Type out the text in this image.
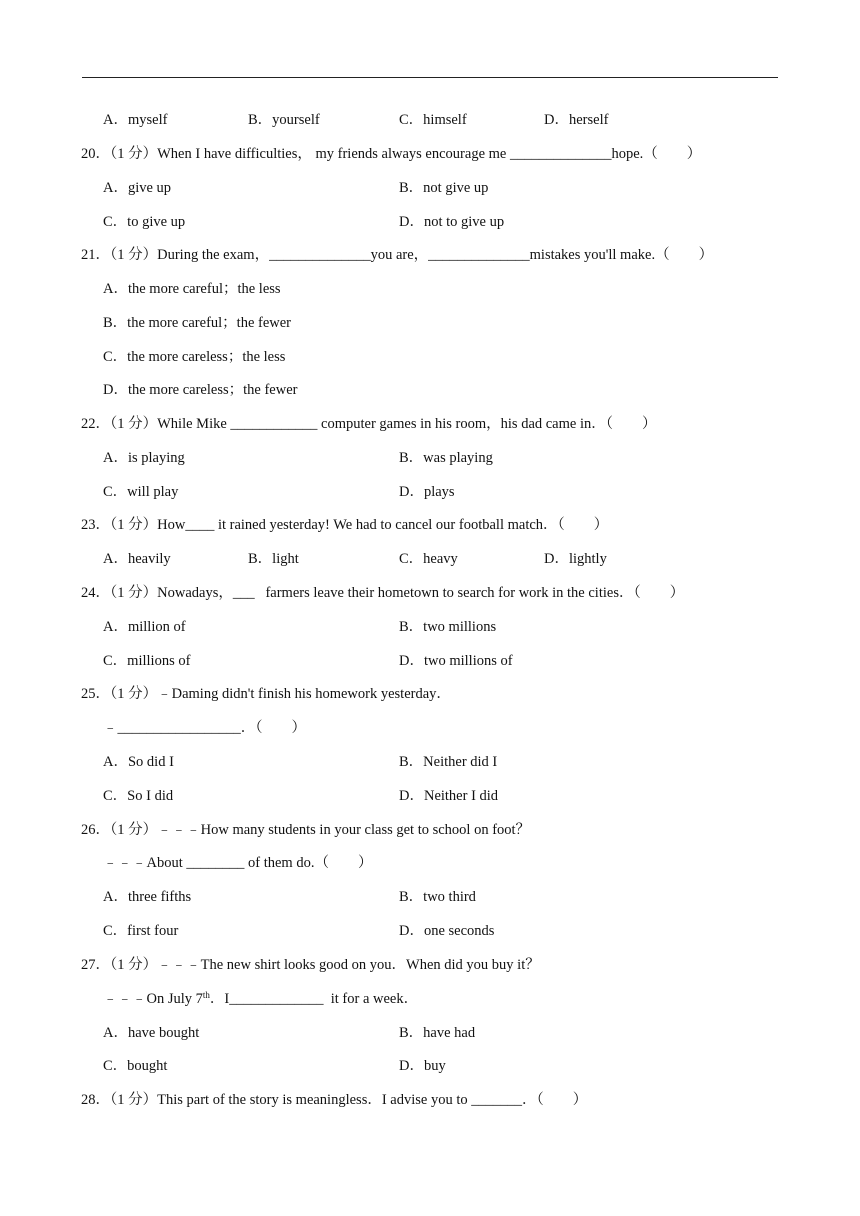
A．myself	B．yourself	C．himself	D．herself
20．（1 分）When I have difficulties， my friends always encourage me ______________hope.（　　）
A．give up	B．not give up
C．to give up	D．not to give up
21．（1 分）During the exam，______________you are，______________mistakes you'll make.（　　）
A．the more careful；the less
B．the more careful；the fewer
C．the more careless；the less
D．the more careless；the fewer
22．（1 分）While Mike ____________ computer games in his room，his dad came in．（　　）
A．is playing	B．was playing
C．will play	D．plays
23．（1 分）How____ it rained yesterday! We had to cancel our football match．（　　）
A．heavily	B．light	C．heavy	D．lightly
24．（1 分）Nowadays，___   farmers leave their hometown to search for work in the cities．（　　）
A．million of	B．two millions
C．millions of	D．two millions of
25．（1 分）﹣Daming didn't finish his homework yesterday．
﹣_________________．（　　）
A．So did I	B．Neither did I
C．So I did	D．Neither I did
26．（1 分）﹣﹣﹣How many students in your class get to school on foot？
﹣﹣﹣About ________ of them do.（　　）
A．three fifths	B．two third
C．first four	D．one seconds
27．（1 分）﹣﹣﹣The new shirt looks good on you．When did you buy it？
﹣﹣﹣On July 7th．I_____________  it for a week．
A．have bought	B．have had
C．bought	D．buy
28．（1 分）This part of the story is meaningless．I advise you to _______．（　　）
